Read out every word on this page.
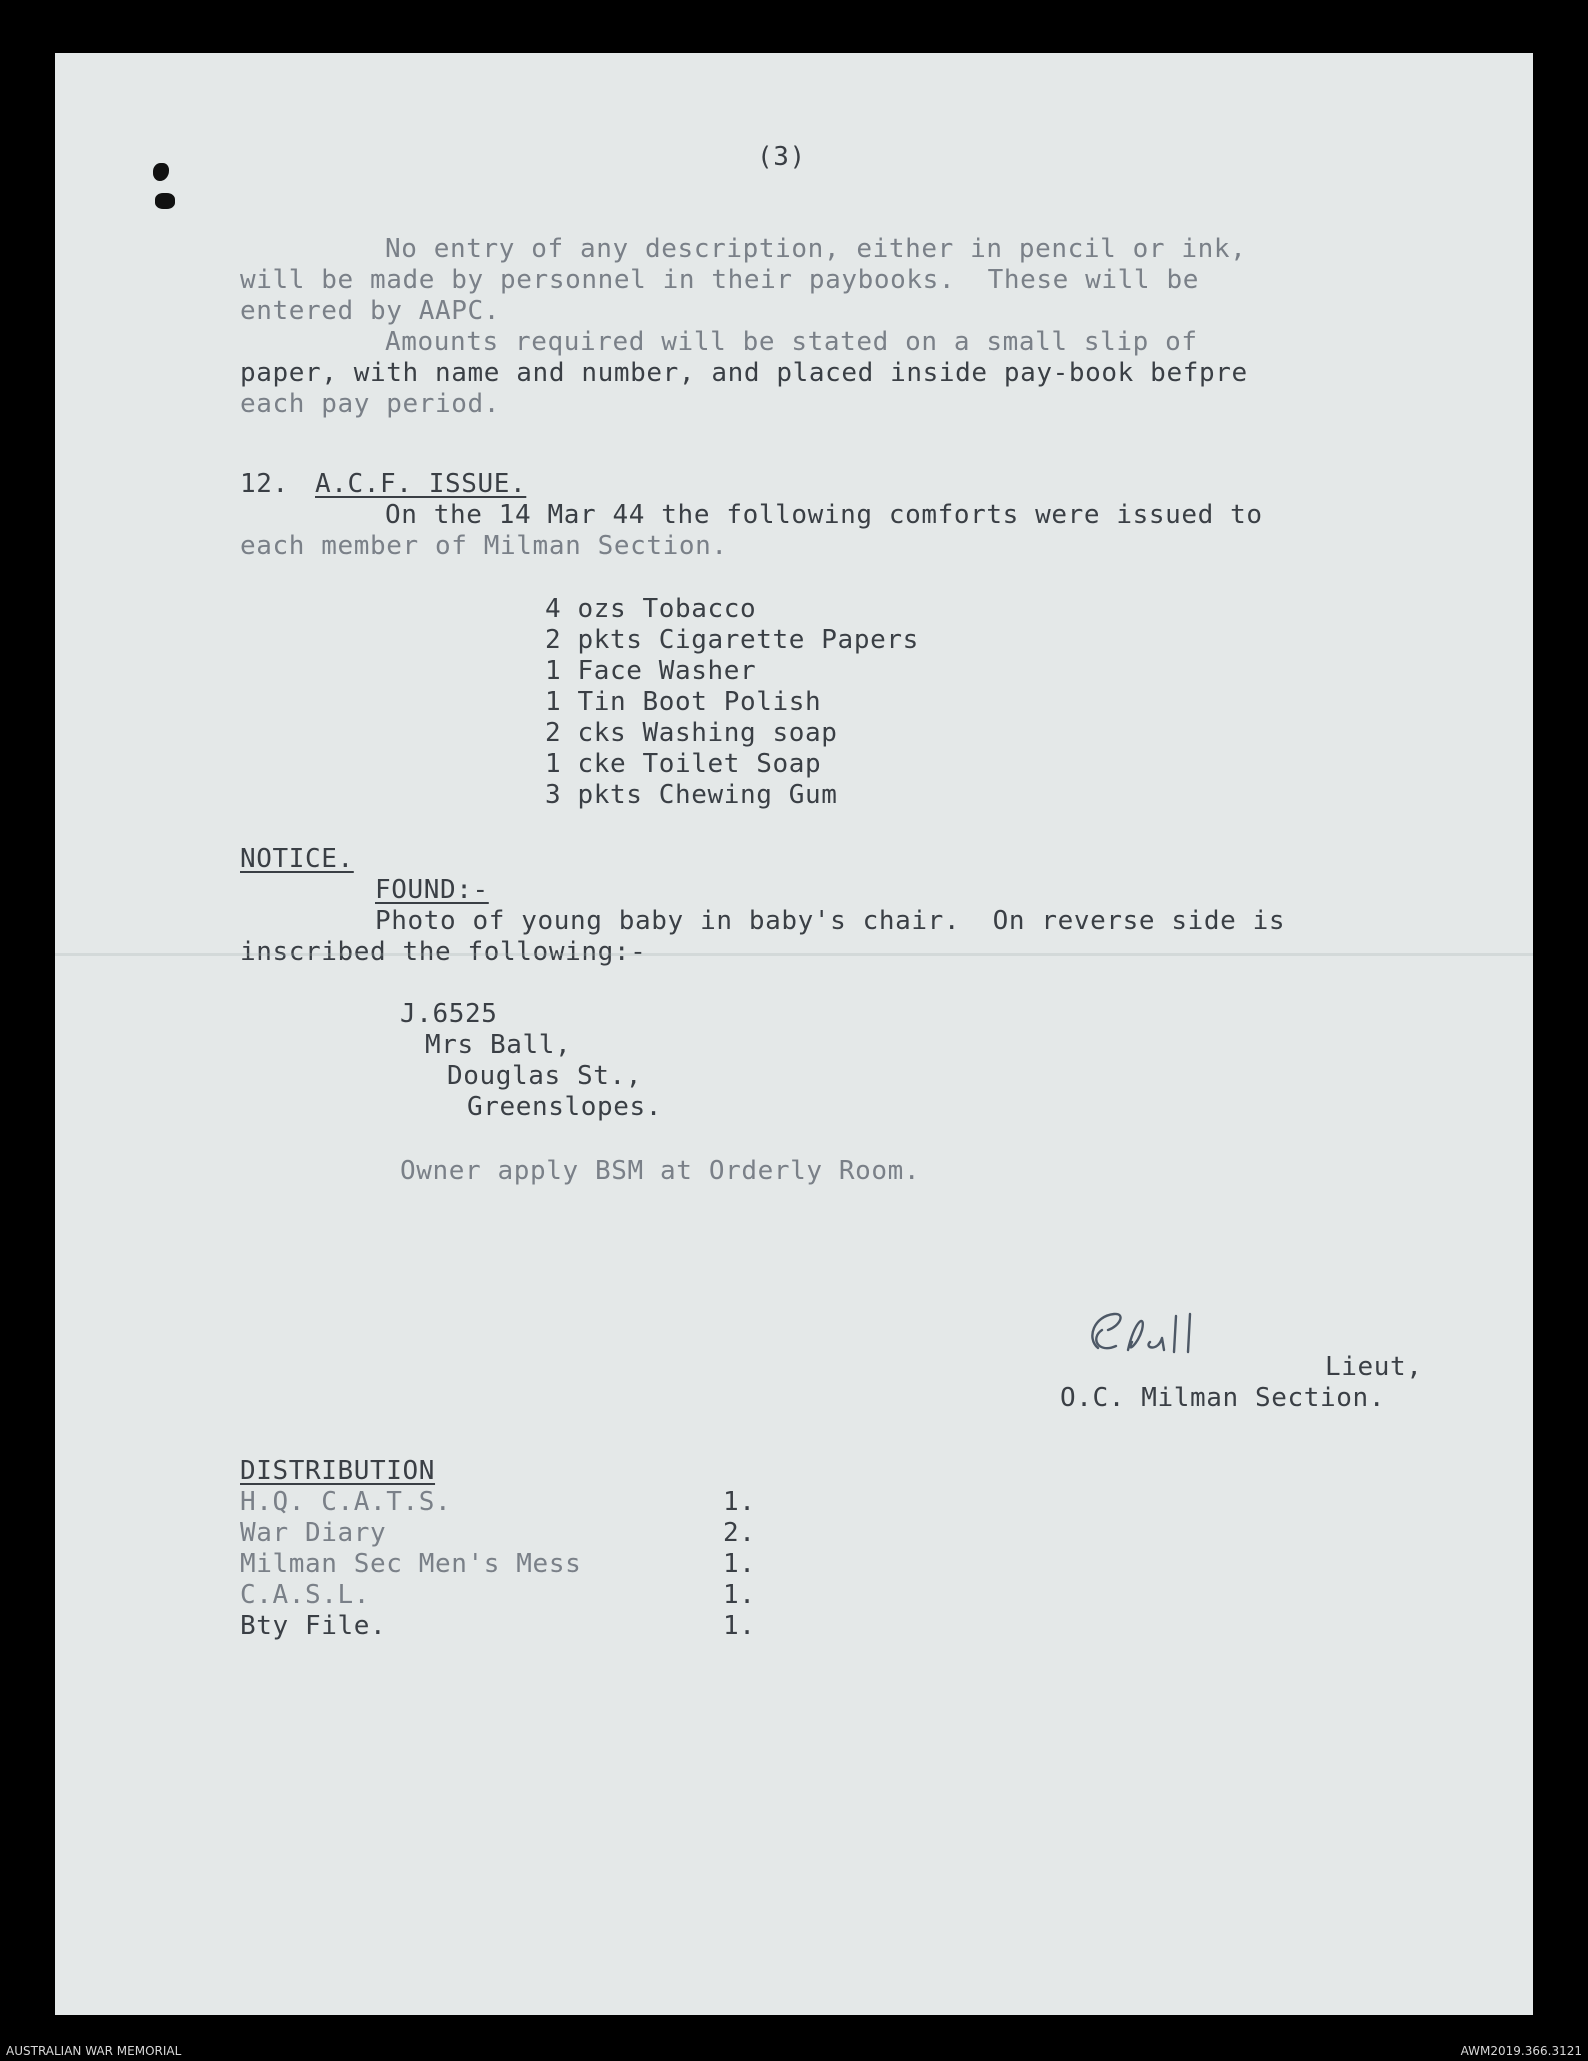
(3)
No entry of any description, either in pencil or ink,
will be made by personnel in their paybooks.  These will be
entered by AAPC.
Amounts required will be stated on a small slip of
paper, with name and number, and placed inside pay-book befpre
each pay period.
12. A.C.F. ISSUE.
On the 14 Mar 44 the following comforts were issued to
each member of Milman Section.
4 ozs Tobacco
2 pkts Cigarette Papers
1 Face Washer
1 Tin Boot Polish
2 cks Washing soap
1 cke Toilet Soap
3 pkts Chewing Gum
NOTICE.
FOUND:-
Photo of young baby in baby's chair.  On reverse side is
inscribed the following:-
J.6525
Mrs Ball,
Douglas St.,
Greenslopes.
Owner apply BSM at Orderly Room.
Lieut,
O.C. Milman Section.
DISTRIBUTION
H.Q. C.A.T.S.	1.
War Diary	2.
Milman Sec Men's Mess	1.
C.A.S.L.	1.
Bty File.	1.
AUSTRALIAN WAR MEMORIAL	AWM2019.366.3121
